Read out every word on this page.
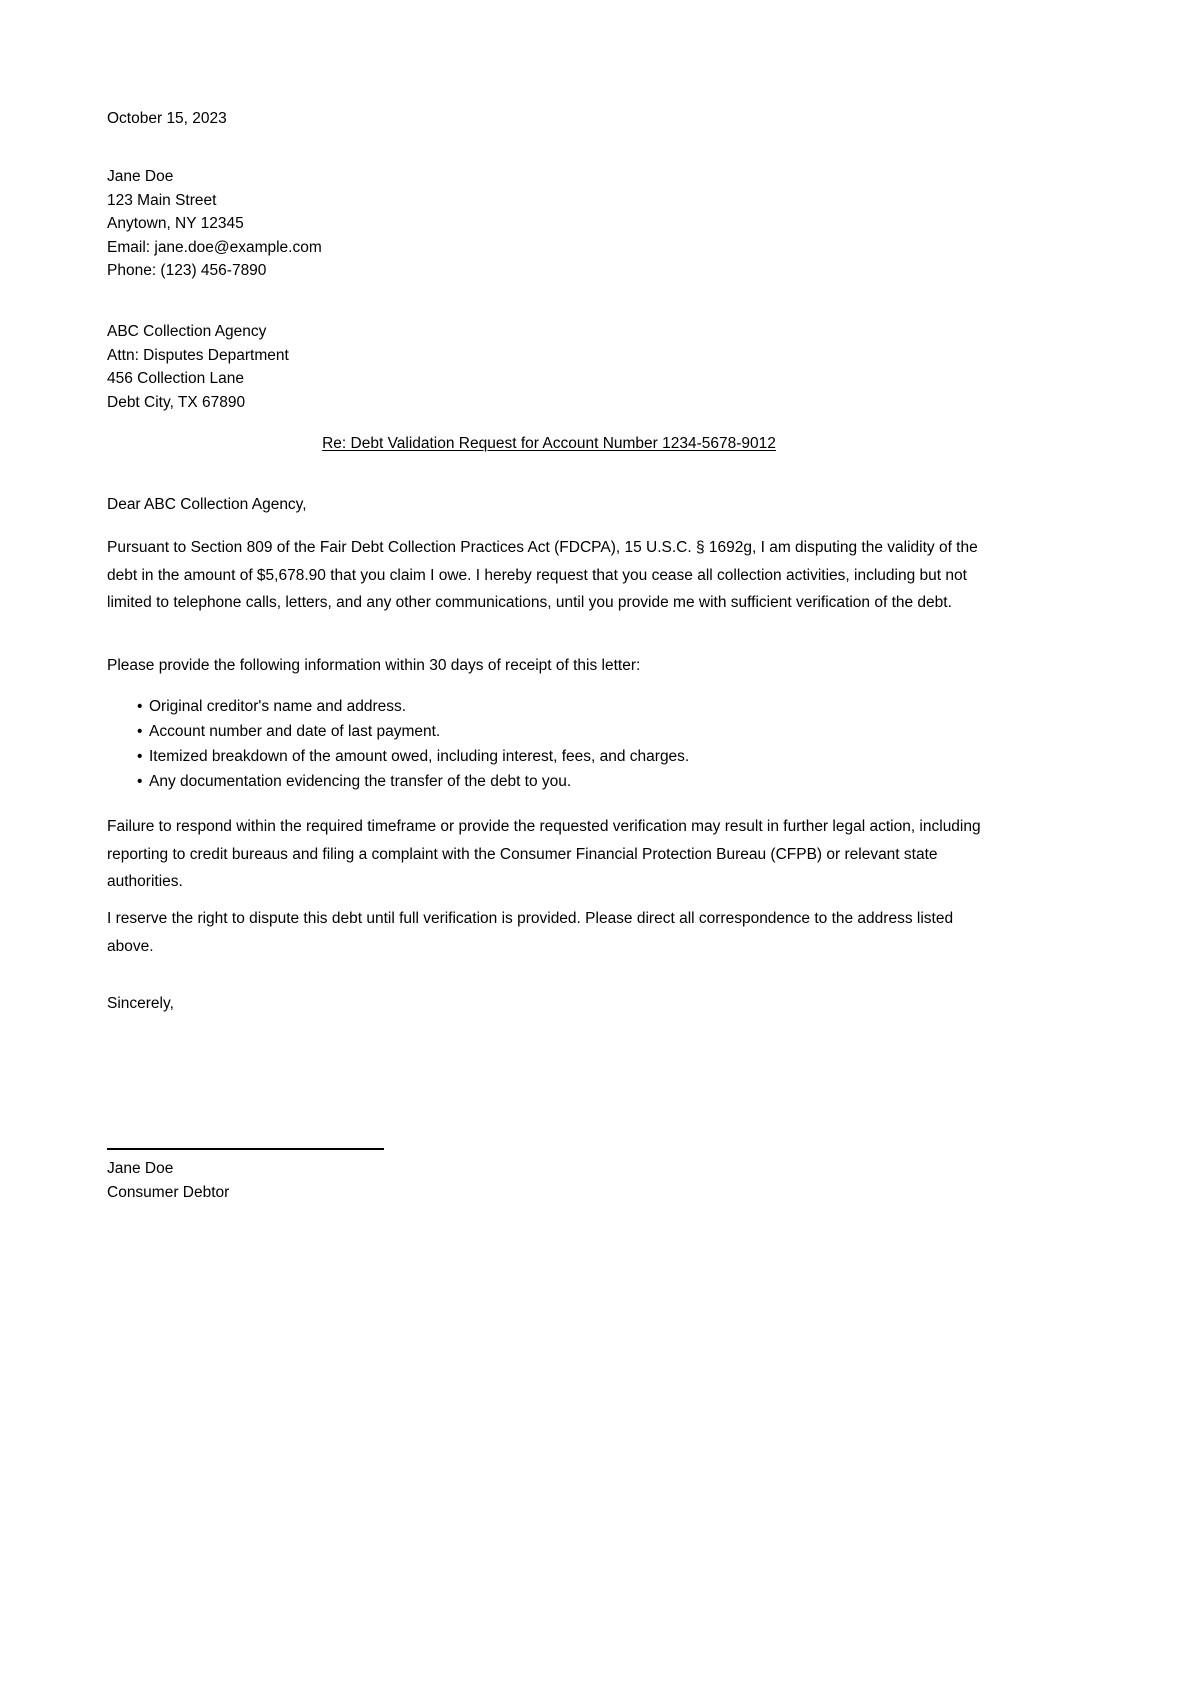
October 15, 2023
Jane Doe
123 Main Street
Anytown, NY 12345
Email: jane.doe@example.com
Phone: (123) 456-7890
ABC Collection Agency
Attn: Disputes Department
456 Collection Lane
Debt City, TX 67890
Re: Debt Validation Request for Account Number 1234-5678-9012
Dear ABC Collection Agency,
Pursuant to Section 809 of the Fair Debt Collection Practices Act (FDCPA), 15 U.S.C. § 1692g, I am disputing the validity of the debt in the amount of $5,678.90 that you claim I owe. I hereby request that you cease all collection activities, including but not limited to telephone calls, letters, and any other communications, until you provide me with sufficient verification of the debt.
Please provide the following information within 30 days of receipt of this letter:
• Original creditor's name and address.
• Account number and date of last payment.
• Itemized breakdown of the amount owed, including interest, fees, and charges.
• Any documentation evidencing the transfer of the debt to you.
Failure to respond within the required timeframe or provide the requested verification may result in further legal action, including reporting to credit bureaus and filing a complaint with the Consumer Financial Protection Bureau (CFPB) or relevant state authorities.
I reserve the right to dispute this debt until full verification is provided. Please direct all correspondence to the address listed above.
Sincerely,
Jane Doe
Consumer Debtor
